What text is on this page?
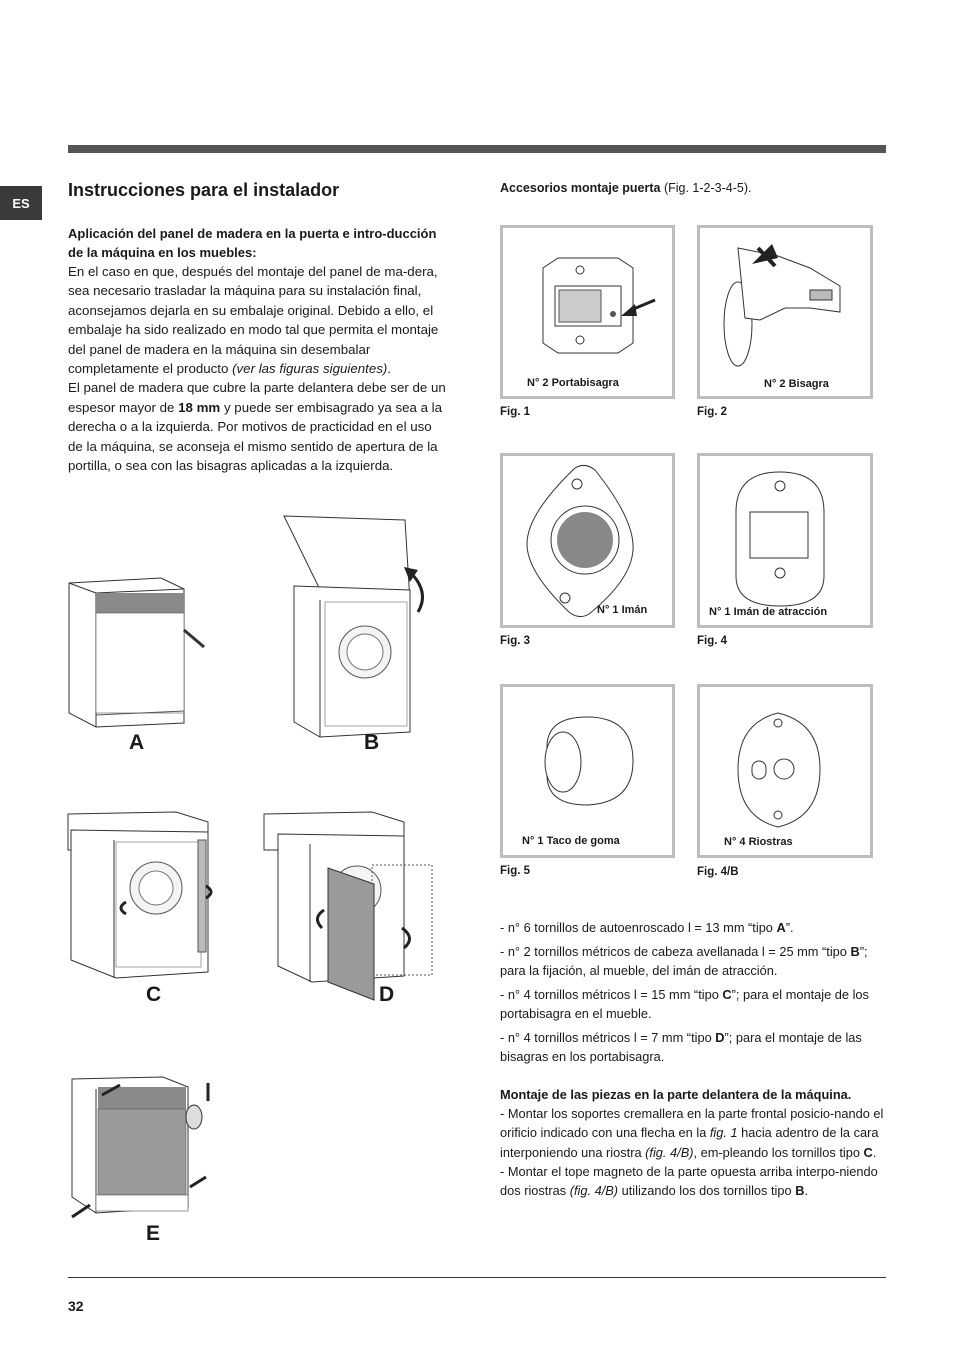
ES
Instrucciones para el instalador
Aplicación del panel de madera en la puerta e intro-ducción de la máquina en los muebles:

En el caso en que, después del montaje del panel de ma-dera, sea necesario trasladar la máquina para su instalación final, aconsejamos dejarla en su embalaje original. Debido a ello, el embalaje ha sido realizado en modo tal que permita el montaje del panel de madera en la máquina sin desembalar completamente el producto (ver las figuras siguientes).

El panel de madera que cubre la parte delantera debe ser de un espesor mayor de 18 mm y puede ser embisagrado ya sea a la derecha o a la izquierda. Por motivos de practicidad en el uso de la máquina, se aconseja el mismo sentido de apertura de la portilla, o sea con las bisagras aplicadas a la izquierda.

A	B
C	D
E
Accesorios montaje puerta (Fig. 1-2-3-4-5).
N° 2 Portabisagra
Fig. 1
N° 2 Bisagra
Fig. 2
N° 1 Imán
Fig. 3
N° 1 Imán de atracción
Fig. 4
N° 1 Taco de goma
Fig. 5
N° 4 Riostras
Fig. 4/B

- n° 6 tornillos de autoenroscado l = 13 mm “tipo A”.

- n° 2 tornillos métricos de cabeza avellanada l = 25 mm “tipo B”; para la fijación, al mueble, del imán de atracción.

- n° 4 tornillos métricos l = 15 mm “tipo C”; para el montaje de los portabisagra en el mueble.

- n° 4 tornillos métricos l = 7 mm “tipo D”; para el montaje de las bisagras en los portabisagra.

Montaje de las piezas en la parte delantera de la máquina.

- Montar los soportes cremallera en la parte frontal posicio-nando el orificio indicado con una flecha en la fig. 1 hacia adentro de la cara interponiendo una riostra (fig. 4/B), em-pleando los tornillos tipo C.

- Montar el tope magneto de la parte opuesta arriba interpo-niendo dos riostras (fig. 4/B) utilizando los dos tornillos tipo B.

32
